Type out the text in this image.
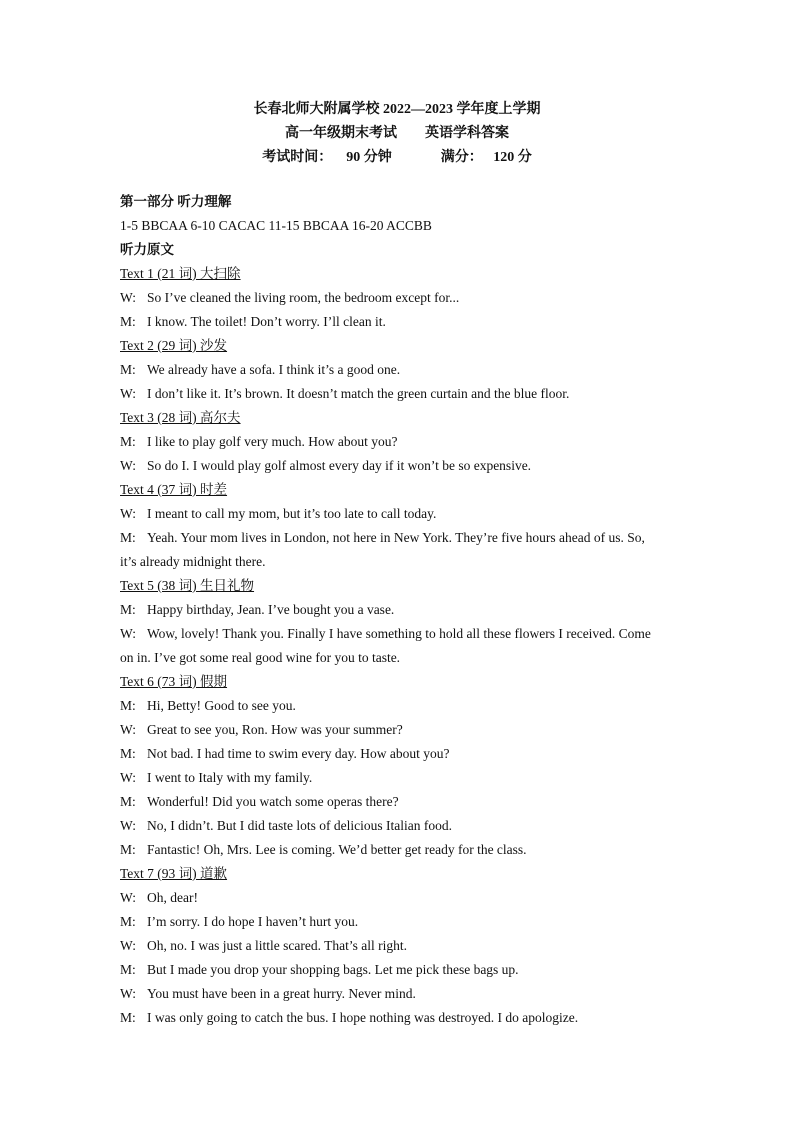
长春北师大附属学校 2022—2023 学年度上学期
高一年级期末考试        英语学科答案
考试时间：    90 分钟              满分：   120 分
第一部分 听力理解
1-5 BBCAA 6-10 CACAC 11-15 BBCAA 16-20 ACCBB
听力原文
Text 1 (21 词) 大扫除
W: So I’ve cleaned the living room, the bedroom except for...
M: I know. The toilet! Don’t worry. I’ll clean it.
Text 2 (29 词) 沙发
M: We already have a sofa. I think it’s a good one.
W: I don’t like it. It’s brown. It doesn’t match the green curtain and the blue floor.
Text 3 (28 词) 高尔夫
M: I like to play golf very much. How about you?
W: So do I. I would play golf almost every day if it won’t be so expensive.
Text 4 (37 词) 时差
W: I meant to call my mom, but it’s too late to call today.
M: Yeah. Your mom lives in London, not here in New York. They’re five hours ahead of us. So,
it’s already midnight there.
Text 5 (38 词) 生日礼物
M: Happy birthday, Jean. I’ve bought you a vase.
W: Wow, lovely! Thank you. Finally I have something to hold all these flowers I received. Come
on in. I’ve got some real good wine for you to taste.
Text 6 (73 词) 假期
M: Hi, Betty! Good to see you.
W: Great to see you, Ron. How was your summer?
M: Not bad. I had time to swim every day. How about you?
W: I went to Italy with my family.
M: Wonderful! Did you watch some operas there?
W: No, I didn’t. But I did taste lots of delicious Italian food.
M: Fantastic! Oh, Mrs. Lee is coming. We’d better get ready for the class.
Text 7 (93 词) 道歉
W: Oh, dear!
M: I’m sorry. I do hope I haven’t hurt you.
W: Oh, no. I was just a little scared. That’s all right.
M: But I made you drop your shopping bags. Let me pick these bags up.
W: You must have been in a great hurry. Never mind.
M: I was only going to catch the bus. I hope nothing was destroyed. I do apologize.
